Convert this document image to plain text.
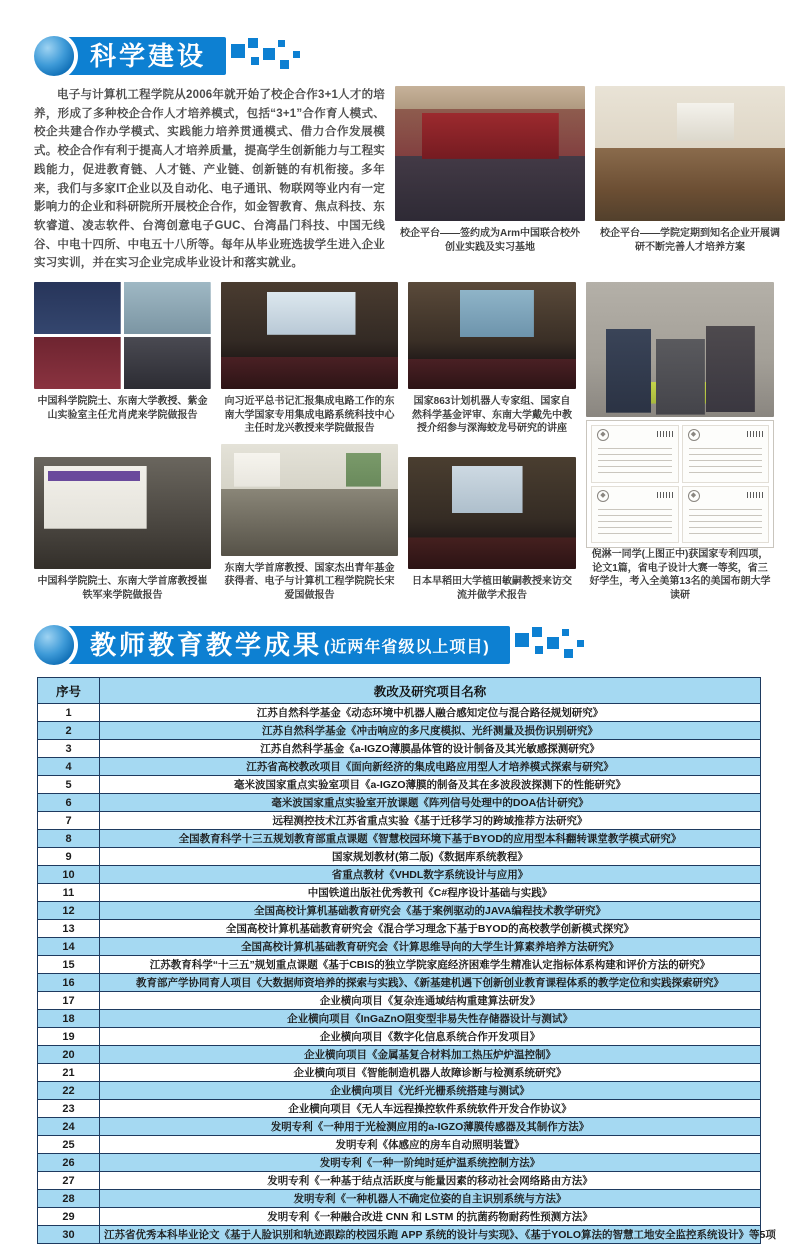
科学建设

电子与计算机工程学院从2006年就开始了校企合作3+1人才的培养，形成了多种校企合作人才培养模式，包括“3+1”合作育人模式、校企共建合作办学模式、实践能力培养贯通模式、借力合作发展模式。校企合作有利于提高人才培养质量，提高学生创新能力与工程实践能力，促进教育链、人才链、产业链、创新链的有机衔接。多年来，我们与多家IT企业以及自动化、电子通讯、物联网等业内有一定影响力的企业和科研院所开展校企合作，如金智教育、焦点科技、东软睿道、凌志软件、台湾创意电子GUC、台湾晶门科技、中国无线谷、中电十四所、中电五十八所等。每年从毕业班选拔学生进入企业实习实训，并在实习企业完成毕业设计和落实就业。

校企平台——签约成为Arm中国联合校外创业实践及实习基地
校企平台——学院定期到知名企业开展调研不断完善人才培养方案
中国科学院院士、东南大学教授、紫金山实验室主任尤肖虎来学院做报告
中国科学院院士、东南大学首席教授崔铁军来学院做报告
向习近平总书记汇报集成电路工作的东南大学国家专用集成电路系统科技中心主任时龙兴教授来学院做报告
东南大学首席教授、国家杰出青年基金获得者、电子与计算机工程学院院长宋爱国做报告
国家863计划机器人专家组、国家自然科学基金评审、东南大学戴先中教授介绍参与深海蛟龙号研究的讲座
日本早稻田大学植田敏嗣教授来访交流并做学术报告
◆	◆
◆	◆
倪淋一同学(上图正中)获国家专利四项，论文1篇，省电子设计大赛一等奖，省三好学生，考入全美第13名的美国布朗大学读研
教师教育教学成果 (近两年省级以上项目)
序号	教改及研究项目名称
1	江苏自然科学基金《动态环境中机器人融合感知定位与混合路径规划研究》
2	江苏自然科学基金《冲击响应的多尺度模拟、光纤测量及损伤识别研究》
3	江苏自然科学基金《a-IGZO薄膜晶体管的设计制备及其光敏感探测研究》
4	江苏省高校教改项目《面向新经济的集成电路应用型人才培养模式探索与研究》
5	毫米波国家重点实验室项目《a-IGZO薄膜的制备及其在多波段波探测下的性能研究》
6	毫米波国家重点实验室开放课题《阵列信号处理中的DOA估计研究》
7	远程测控技术江苏省重点实验《基于迁移学习的跨域推荐方法研究》
8	全国教育科学十三五规划教育部重点课题《智慧校园环境下基于BYOD的应用型本科翻转课堂教学模式研究》
9	国家规划教材(第二版)《数据库系统教程》
10	省重点教材《VHDL数字系统设计与应用》
11	中国铁道出版社优秀教刊《C#程序设计基础与实践》
12	全国高校计算机基础教育研究会《基于案例驱动的JAVA编程技术教学研究》
13	全国高校计算机基础教育研究会《混合学习理念下基于BYOD的高校教学创新模式探究》
14	全国高校计算机基础教育研究会《计算思维导向的大学生计算素养培养方法研究》
15	江苏教育科学“十三五”规划重点课题《基于CBIS的独立学院家庭经济困难学生精准认定指标体系构建和评价方法的研究》
16	教育部产学协同育人项目《大数据师资培养的探索与实践》、《新基建机遇下创新创业教育课程体系的教学定位和实践探索研究》
17	企业横向项目《复杂连通域结构重建算法研发》
18	企业横向项目《InGaZnO阻变型非易失性存储器设计与测试》
19	企业横向项目《数字化信息系统合作开发项目》
20	企业横向项目《金属基复合材料加工热压炉炉温控制》
21	企业横向项目《智能制造机器人故障诊断与检测系统研究》
22	企业横向项目《光纤光栅系统搭建与测试》
23	企业横向项目《无人车远程操控软件系统软件开发合作协议》
24	发明专利《一种用于光检测应用的a-IGZO薄膜传感器及其制作方法》
25	发明专利《体感应的房车自动照明装置》
26	发明专利《一种一阶纯时延炉温系统控制方法》
27	发明专利《一种基于结点活跃度与能量因素的移动社会网络路由方法》
28	发明专利《一种机器人不确定位姿的自主识别系统与方法》
29	发明专利《一种融合改进 CNN 和 LSTM 的抗菌药物耐药性预测方法》
30	江苏省优秀本科毕业论文《基于人脸识别和轨迹跟踪的校园乐跑 APP 系统的设计与实现》、《基于YOLO算法的智慧工地安全监控系统设计》等5项
